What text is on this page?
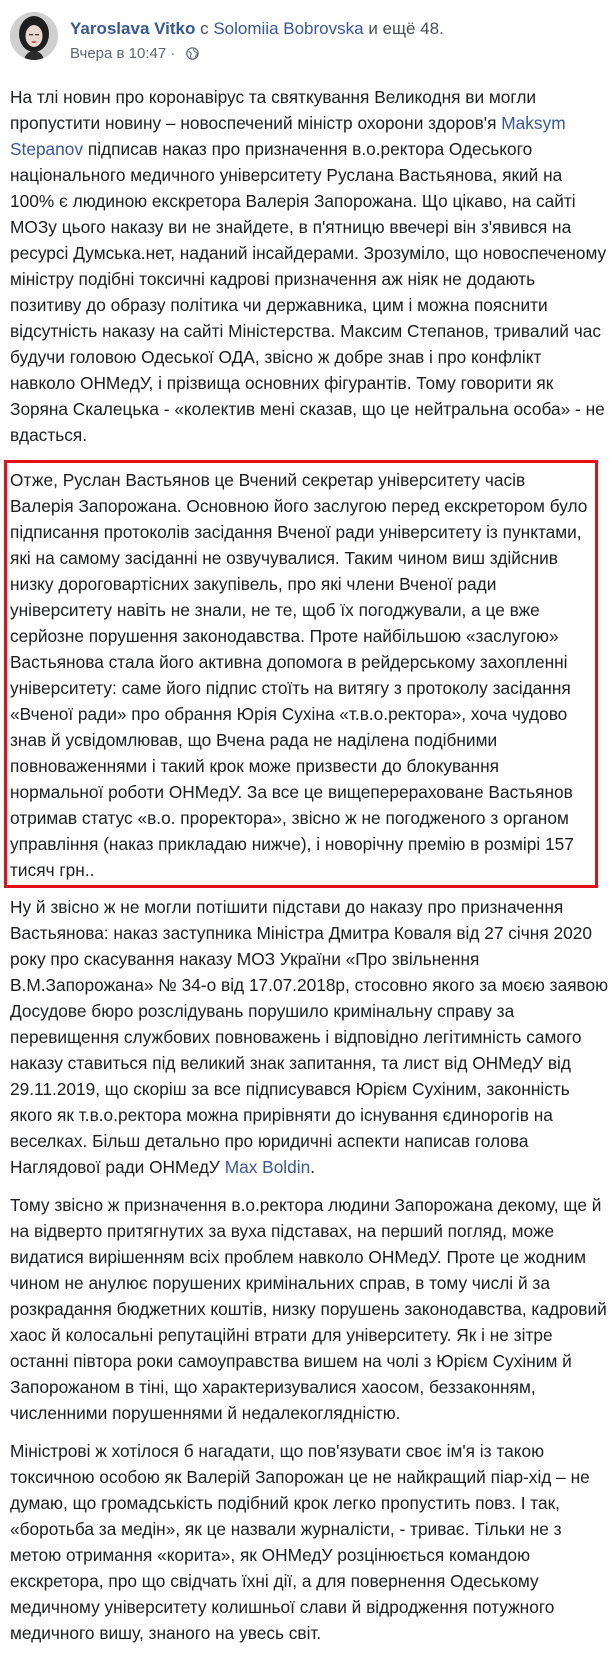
Yaroslava Vitko с Solomiia Bobrovska и ещё 48.
Вчера в 10:47 ·

На тлі новин про коронавірус та святкування Великодня ви могли пропустити новину – новоспечений міністр охорони здоров'я Maksym Stepanov підписав наказ про призначення в.о.ректора Одеського національного медичного університету Руслана Вастьянова, який на 100% є людиною екскретора Валерія Запорожана. Що цікаво, на сайті МОЗу цього наказу ви не знайдете, в п'ятницю ввечері він з'явився на ресурсі Думська.нет, наданий інсайдерами. Зрозуміло, що новоспеченому міністру подібні токсичні кадрові призначення аж ніяк не додають позитиву до образу політика чи державника, цим і можна пояснити відсутність наказу на сайті Міністерства. Максим Степанов, тривалий час будучи головою Одеської ОДА, звісно ж добре знав і про конфлікт навколо ОНМедУ, і прізвища основних фігурантів. Тому говорити як Зоряна Скалецька - «колектив мені сказав, що це нейтральна особа» - не вдасться.

Отже, Руслан Вастьянов це Вчений секретар університету часів Валерія Запорожана. Основною його заслугою перед екскретором було підписання протоколів засідання Вченої ради університету із пунктами, які на самому засіданні не озвучувалися. Таким чином виш здійснив низку дороговартісних закупівель, про які члени Вченої ради університету навіть не знали, не те, щоб їх погоджували, а це вже серйозне порушення законодавства. Проте найбільшою «заслугою» Вастьянова стала його активна допомога в рейдерському захопленні університету: саме його підпис стоїть на витягу з протоколу засідання «Вченої ради» про обрання Юрія Сухіна «т.в.о.ректора», хоча чудово знав й усвідомлював, що Вчена рада не наділена подібними повноваженнями і такий крок може призвести до блокування нормальної роботи ОНМедУ. За все це вищеперераховане Вастьянов отримав статус «в.о. проректора», звісно ж не погодженого з органом управління (наказ прикладаю нижче), і новорічну премію в розмірі 157 тисяч грн..

Ну й звісно ж не могли потішити підстави до наказу про призначення Вастьянова: наказ заступника Міністра Дмитра Коваля від 27 січня 2020 року про скасування наказу МОЗ України «Про звільнення В.М.Запорожана» № 34-о від 17.07.2018р, стосовно якого за моєю заявою Досудове бюро розслідувань порушило кримінальну справу за перевищення службових повноважень і відповідно легітимність самого наказу ставиться під великий знак запитання, та лист від ОНМедУ від 29.11.2019, що скоріш за все підписувався Юрієм Сухіним, законність якого як т.в.о.ректора можна прирівняти до існування єдинорогів на веселках. Більш детально про юридичні аспекти написав голова Наглядової ради ОНМедУ Max Boldin.

Тому звісно ж призначення в.о.ректора людини Запорожана декому, ще й на відверто притягнутих за вуха підставах, на перший погляд, може видатися вирішенням всіх проблем навколо ОНМедУ. Проте це жодним чином не анулює порушених кримінальних справ, в тому числі й за розкрадання бюджетних коштів, низку порушень законодавства, кадровий хаос й колосальні репутаційні втрати для університету. Як і не зітре останні півтора роки самоуправства вишем на чолі з Юрієм Сухіним й Запорожаном в тіні, що характеризувалися хаосом, беззаконням, численними порушеннями й недалекоглядністю.

Міністрові ж хотілося б нагадати, що пов'язувати своє ім'я із такою токсичною особою як Валерій Запорожан це не найкращий піар-хід – не думаю, що громадськість подібний крок легко пропустить повз. І так, «боротьба за медін», як це назвали журналісти, - триває. Тільки не з метою отримання «корита», як ОНМедУ розцінюється командою екскретора, про що свідчать їхні дії, а для повернення Одеському медичному університету колишньої слави й відродження потужного медичного вишу, знаного на увесь світ.
